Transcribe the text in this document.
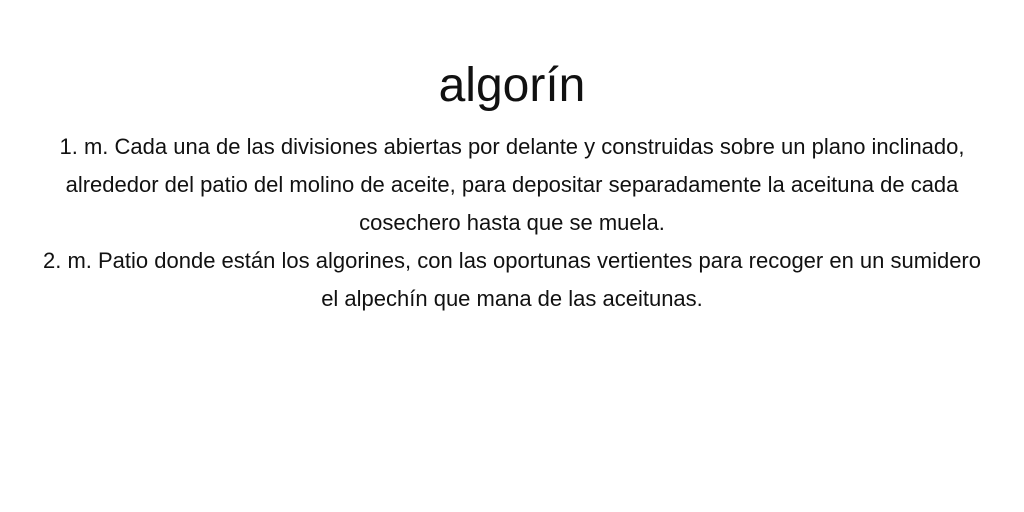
algorín
1. m. Cada una de las divisiones abiertas por delante y construidas sobre un plano inclinado, alrededor del patio del molino de aceite, para depositar separadamente la aceituna de cada cosechero hasta que se muela.
2. m. Patio donde están los algorines, con las oportunas vertientes para recoger en un sumidero el alpechín que mana de las aceitunas.
